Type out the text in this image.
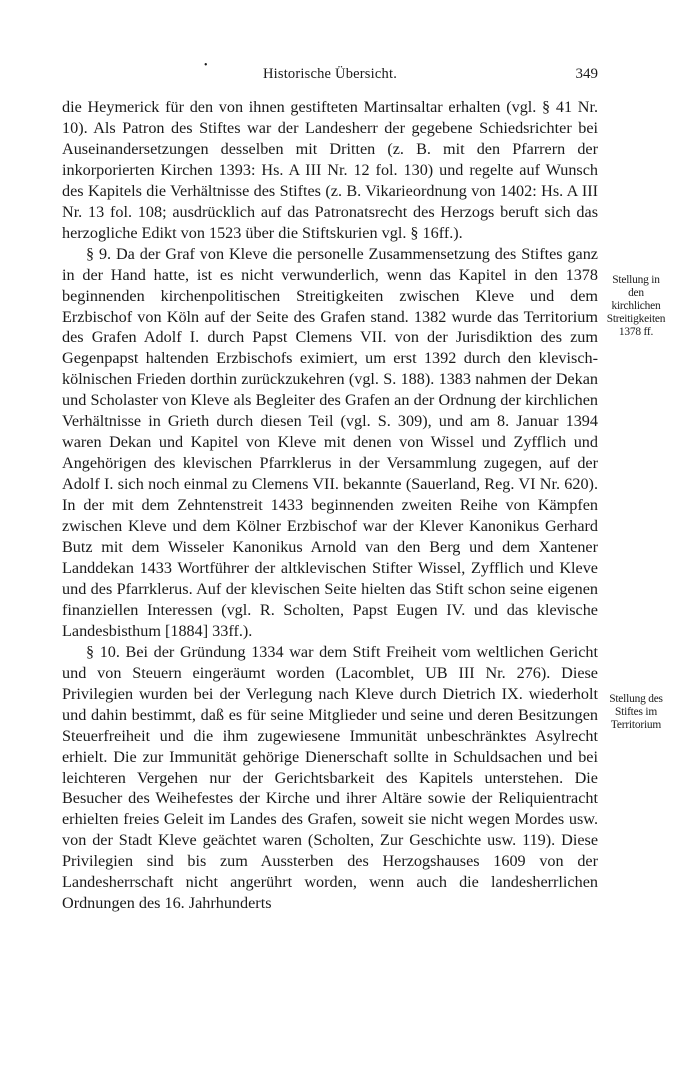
•
Historische Übersicht.	349

die Heymerick für den von ihnen gestifteten Martinsaltar erhalten (vgl. § 41 Nr. 10). Als Patron des Stiftes war der Landesherr der gegebene Schiedsrichter bei Auseinandersetzungen desselben mit Dritten (z. B. mit den Pfarrern der inkorporierten Kirchen 1393: Hs. A III Nr. 12 fol. 130) und regelte auf Wunsch des Kapitels die Verhältnisse des Stiftes (z. B. Vikarieordnung von 1402: Hs. A III Nr. 13 fol. 108; ausdrücklich auf das Patronatsrecht des Herzogs beruft sich das herzogliche Edikt von 1523 über die Stiftskurien vgl. § 16ff.).

§ 9. Da der Graf von Kleve die personelle Zusammensetzung des Stiftes ganz in der Hand hatte, ist es nicht verwunderlich, wenn das Kapitel in den 1378 beginnenden kirchenpolitischen Streitigkeiten zwischen Kleve und dem Erzbischof von Köln auf der Seite des Grafen stand. 1382 wurde das Territorium des Grafen Adolf I. durch Papst Clemens VII. von der Jurisdiktion des zum Gegenpapst haltenden Erzbischofs eximiert, um erst 1392 durch den klevisch-kölnischen Frieden dorthin zurückzukehren (vgl. S. 188). 1383 nahmen der Dekan und Scholaster von Kleve als Begleiter des Grafen an der Ordnung der kirchlichen Verhältnisse in Grieth durch diesen Teil (vgl. S. 309), und am 8. Januar 1394 waren Dekan und Kapitel von Kleve mit denen von Wissel und Zyfflich und Angehörigen des klevischen Pfarrklerus in der Versammlung zugegen, auf der Adolf I. sich noch einmal zu Clemens VII. bekannte (Sauerland, Reg. VI Nr. 620). In der mit dem Zehntenstreit 1433 beginnenden zweiten Reihe von Kämpfen zwischen Kleve und dem Kölner Erzbischof war der Klever Kanonikus Gerhard Butz mit dem Wisseler Kanonikus Arnold van den Berg und dem Xantener Landdekan 1433 Wortführer der altklevischen Stifter Wissel, Zyfflich und Kleve und des Pfarrklerus. Auf der klevischen Seite hielten das Stift schon seine eigenen finanziellen Interessen (vgl. R. Scholten, Papst Eugen IV. und das klevische Landesbisthum [1884] 33ff.).

§ 10. Bei der Gründung 1334 war dem Stift Freiheit vom weltlichen Gericht und von Steuern eingeräumt worden (Lacomblet, UB III Nr. 276). Diese Privilegien wurden bei der Verlegung nach Kleve durch Dietrich IX. wiederholt und dahin bestimmt, daß es für seine Mitglieder und seine und deren Besitzungen Steuerfreiheit und die ihm zugewiesene Immunität unbeschränktes Asylrecht erhielt. Die zur Immunität gehörige Dienerschaft sollte in Schuldsachen und bei leichteren Vergehen nur der Gerichtsbarkeit des Kapitels unterstehen. Die Besucher des Weihefestes der Kirche und ihrer Altäre sowie der Reliquientracht erhielten freies Geleit im Landes des Grafen, soweit sie nicht wegen Mordes usw. von der Stadt Kleve geächtet waren (Scholten, Zur Geschichte usw. 119). Diese Privilegien sind bis zum Aussterben des Herzogshauses 1609 von der Landesherrschaft nicht angerührt worden, wenn auch die landesherrlichen Ordnungen des 16. Jahrhunderts

Stellung in den
kirchlichen
Streitigkeiten
1378 ff.
Stellung des
Stiftes im
Territorium
